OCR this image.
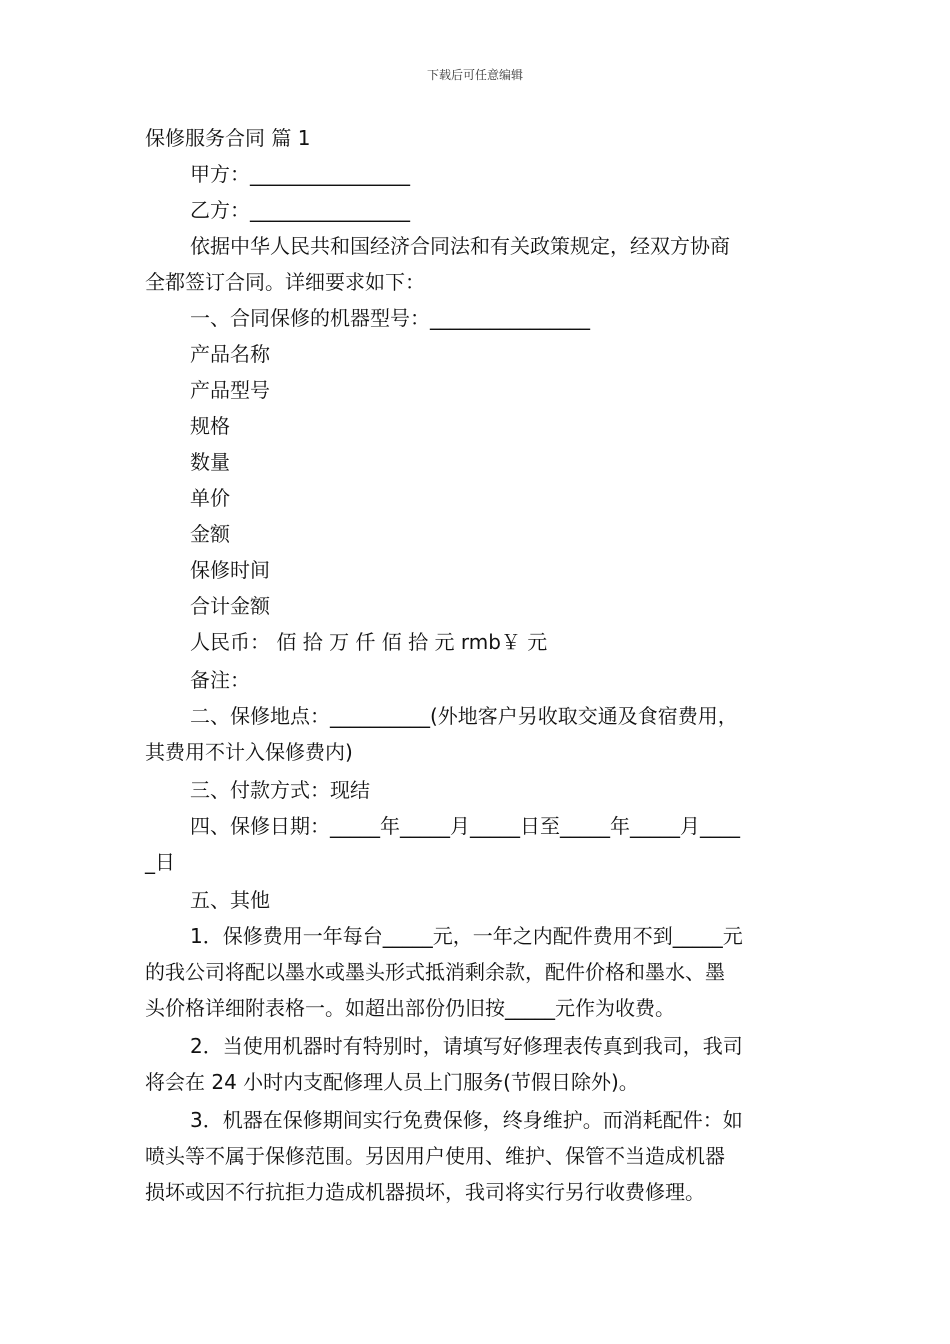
下载后可任意编辑
保修服务合同 篇 1
甲方：________________
乙方：________________
依据中华人民共和国经济合同法和有关政策规定，经双方协商
全都签订合同。详细要求如下：
一、合同保修的机器型号：________________
产品名称
产品型号
规格
数量
单价
金额
保修时间
合计金额
人民币： 佰 拾 万 仟 佰 拾 元 rmb￥ 元
备注：
二、保修地点：__________(外地客户另收取交通及食宿费用，
其费用不计入保修费内)
三、付款方式：现结
四、保修日期：_____年_____月_____日至_____年_____月____
_日
五、其他
1．保修费用一年每台_____元，一年之内配件费用不到_____元
的我公司将配以墨水或墨头形式抵消剩余款，配件价格和墨水、墨
头价格详细附表格一。如超出部份仍旧按_____元作为收费。
2．当使用机器时有特别时，请填写好修理表传真到我司，我司
将会在 24 小时内支配修理人员上门服务(节假日除外)。
3．机器在保修期间实行免费保修，终身维护。而消耗配件：如
喷头等不属于保修范围。另因用户使用、维护、保管不当造成机器
损坏或因不行抗拒力造成机器损坏，我司将实行另行收费修理。
